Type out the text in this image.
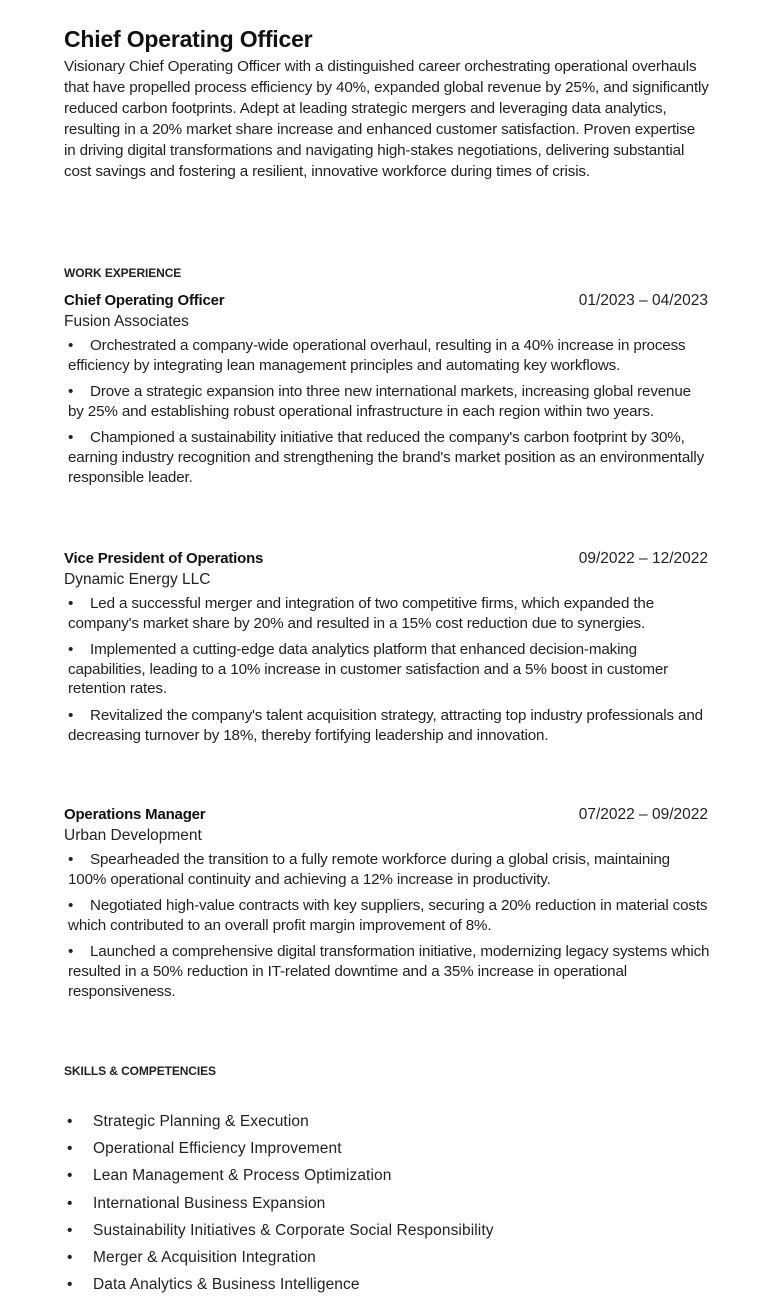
Chief Operating Officer

Visionary Chief Operating Officer with a distinguished career orchestrating operational overhauls that have propelled process efficiency by 40%, expanded global revenue by 25%, and significantly reduced carbon footprints. Adept at leading strategic mergers and leveraging data analytics, resulting in a 20% market share increase and enhanced customer satisfaction. Proven expertise in driving digital transformations and navigating high-stakes negotiations, delivering substantial cost savings and fostering a resilient, innovative workforce during times of crisis.

WORK EXPERIENCE
Chief Operating Officer	01/2023 – 04/2023
Fusion Associates
• Orchestrated a company-wide operational overhaul, resulting in a 40% increase in process efficiency by integrating lean management principles and automating key workflows.
• Drove a strategic expansion into three new international markets, increasing global revenue by 25% and establishing robust operational infrastructure in each region within two years.
• Championed a sustainability initiative that reduced the company's carbon footprint by 30%, earning industry recognition and strengthening the brand's market position as an environmentally responsible leader.
Vice President of Operations	09/2022 – 12/2022
Dynamic Energy LLC
• Led a successful merger and integration of two competitive firms, which expanded the company's market share by 20% and resulted in a 15% cost reduction due to synergies.
• Implemented a cutting-edge data analytics platform that enhanced decision-making capabilities, leading to a 10% increase in customer satisfaction and a 5% boost in customer retention rates.
• Revitalized the company's talent acquisition strategy, attracting top industry professionals and decreasing turnover by 18%, thereby fortifying leadership and innovation.
Operations Manager	07/2022 – 09/2022
Urban Development
• Spearheaded the transition to a fully remote workforce during a global crisis, maintaining 100% operational continuity and achieving a 12% increase in productivity.
• Negotiated high-value contracts with key suppliers, securing a 20% reduction in material costs which contributed to an overall profit margin improvement of 8%.
• Launched a comprehensive digital transformation initiative, modernizing legacy systems which resulted in a 50% reduction in IT-related downtime and a 35% increase in operational responsiveness.
SKILLS & COMPETENCIES
• Strategic Planning & Execution
• Operational Efficiency Improvement
• Lean Management & Process Optimization
• International Business Expansion
• Sustainability Initiatives & Corporate Social Responsibility
• Merger & Acquisition Integration
• Data Analytics & Business Intelligence
